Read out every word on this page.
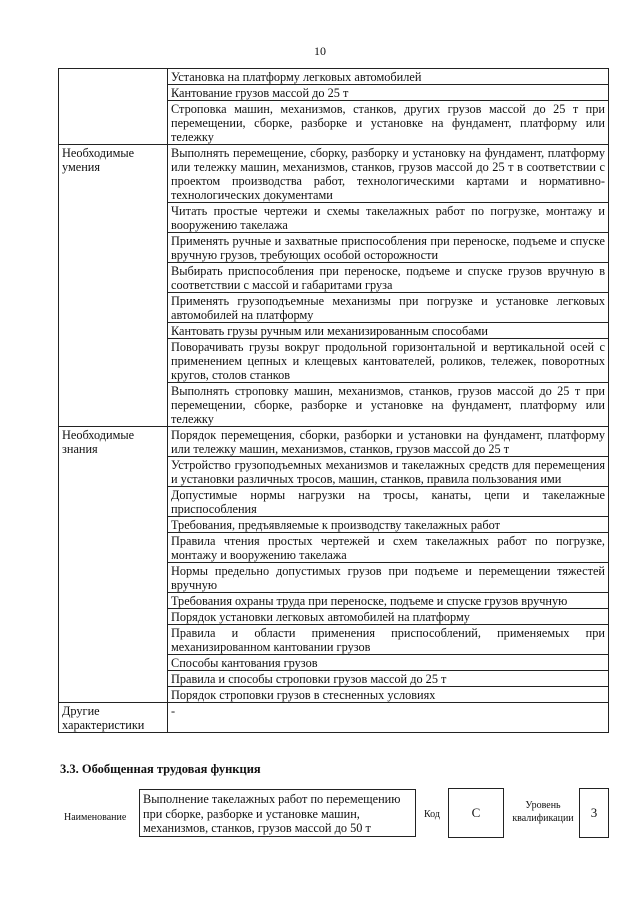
10
	Установка на платформу легковых автомобилей
	Кантование грузов массой до 25 т
	Строповка машин, механизмов, станков, других грузов массой до 25 т при перемещении, сборке, разборке и установке на фундамент, платформу или тележку
Необходимые умения	Выполнять перемещение, сборку, разборку и установку на фундамент, платформу или тележку машин, механизмов, станков, грузов массой до 25 т в соответствии с проектом производства работ, технологическими картами и нормативно-технологических документами
	Читать простые чертежи и схемы такелажных работ по погрузке, монтажу и вооружению такелажа
	Применять ручные и захватные приспособления при переноске, подъеме и спуске вручную грузов, требующих особой осторожности
	Выбирать приспособления при переноске, подъеме и спуске грузов вручную в соответствии с массой и габаритами груза
	Применять грузоподъемные механизмы при погрузке и установке легковых автомобилей на платформу
	Кантовать грузы ручным или механизированным способами
	Поворачивать грузы вокруг продольной горизонтальной и вертикальной осей с применением цепных и клещевых кантователей, роликов, тележек, поворотных кругов, столов станков
	Выполнять строповку машин, механизмов, станков, грузов массой до 25 т при перемещении, сборке, разборке и установке на фундамент, платформу или тележку
Необходимые знания	Порядок перемещения, сборки, разборки и установки на фундамент, платформу или тележку машин, механизмов, станков, грузов массой до 25 т
	Устройство грузоподъемных механизмов и такелажных средств для перемещения и установки различных тросов, машин, станков, правила пользования ими
	Допустимые нормы нагрузки на тросы, канаты, цепи и такелажные приспособления
	Требования, предъявляемые к производству такелажных работ
	Правила чтения простых чертежей и схем такелажных работ по погрузке, монтажу и вооружению такелажа
	Нормы предельно допустимых грузов при подъеме и перемещении тяжестей вручную
	Требования охраны труда при переноске, подъеме и спуске грузов вручную
	Порядок установки легковых автомобилей на платформу
	Правила и области применения приспособлений, применяемых при механизированном кантовании грузов
	Способы кантования грузов
	Правила и способы строповки грузов массой до 25 т
	Порядок строповки грузов в стесненных условиях
Другие характеристики	-
3.3. Обобщенная трудовая функция
Наименование
Выполнение такелажных работ по перемещению при сборке, разборке и установке машин, механизмов, станков, грузов массой до 50 т
Код	C	Уровень квалификации	3
